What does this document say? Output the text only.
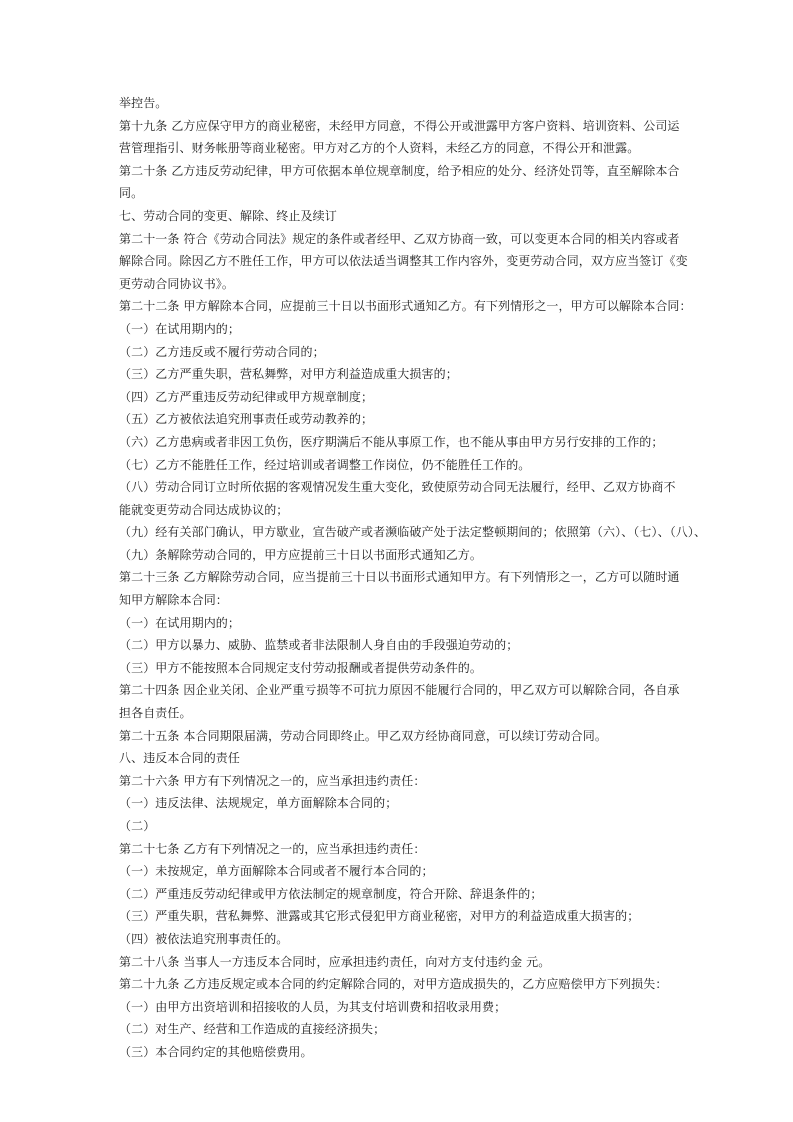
举控告。
第十九条 乙方应保守甲方的商业秘密，未经甲方同意，不得公开或泄露甲方客户资料、培训资料、公司运
营管理指引、财务帐册等商业秘密。甲方对乙方的个人资料，未经乙方的同意，不得公开和泄露。
第二十条 乙方违反劳动纪律，甲方可依据本单位规章制度，给予相应的处分、经济处罚等，直至解除本合
同。
七、劳动合同的变更、解除、终止及续订
第二十一条 符合《劳动合同法》规定的条件或者经甲、乙双方协商一致，可以变更本合同的相关内容或者
解除合同。除因乙方不胜任工作，甲方可以依法适当调整其工作内容外，变更劳动合同，双方应当签订《变
更劳动合同协议书》。
第二十二条 甲方解除本合同，应提前三十日以书面形式通知乙方。有下列情形之一，甲方可以解除本合同：
（一）在试用期内的；
（二）乙方违反或不履行劳动合同的；
（三）乙方严重失职，营私舞弊，对甲方利益造成重大损害的；
（四）乙方严重违反劳动纪律或甲方规章制度；
（五）乙方被依法追究刑事责任或劳动教养的；
（六）乙方患病或者非因工负伤，医疗期满后不能从事原工作，也不能从事由甲方另行安排的工作的；
（七）乙方不能胜任工作，经过培训或者调整工作岗位，仍不能胜任工作的。
（八）劳动合同订立时所依据的客观情况发生重大变化，致使原劳动合同无法履行，经甲、乙双方协商不
能就变更劳动合同达成协议的；
（九）经有关部门确认，甲方歇业，宣告破产或者濒临破产处于法定整顿期间的；依照第（六）、（七）、（八）、
（九）条解除劳动合同的，甲方应提前三十日以书面形式通知乙方。
第二十三条 乙方解除劳动合同，应当提前三十日以书面形式通知甲方。有下列情形之一，乙方可以随时通
知甲方解除本合同：
（一）在试用期内的；
（二）甲方以暴力、威胁、监禁或者非法限制人身自由的手段强迫劳动的；
（三）甲方不能按照本合同规定支付劳动报酬或者提供劳动条件的。
第二十四条 因企业关闭、企业严重亏损等不可抗力原因不能履行合同的，甲乙双方可以解除合同，各自承
担各自责任。
第二十五条 本合同期限届满，劳动合同即终止。甲乙双方经协商同意，可以续订劳动合同。
八、违反本合同的责任
第二十六条 甲方有下列情况之一的，应当承担违约责任：
（一）违反法律、法规规定，单方面解除本合同的；
（二）
第二十七条 乙方有下列情况之一的，应当承担违约责任：
（一）未按规定，单方面解除本合同或者不履行本合同的；
（二）严重违反劳动纪律或甲方依法制定的规章制度，符合开除、辞退条件的；
（三）严重失职，营私舞弊、泄露或其它形式侵犯甲方商业秘密，对甲方的利益造成重大损害的；
（四）被依法追究刑事责任的。
第二十八条 当事人一方违反本合同时，应承担违约责任，向对方支付违约金 元。
第二十九条 乙方违反规定或本合同的约定解除合同的，对甲方造成损失的，乙方应赔偿甲方下列损失：
（一）由甲方出资培训和招接收的人员，为其支付培训费和招收录用费；
（二）对生产、经营和工作造成的直接经济损失；
（三）本合同约定的其他赔偿费用。
